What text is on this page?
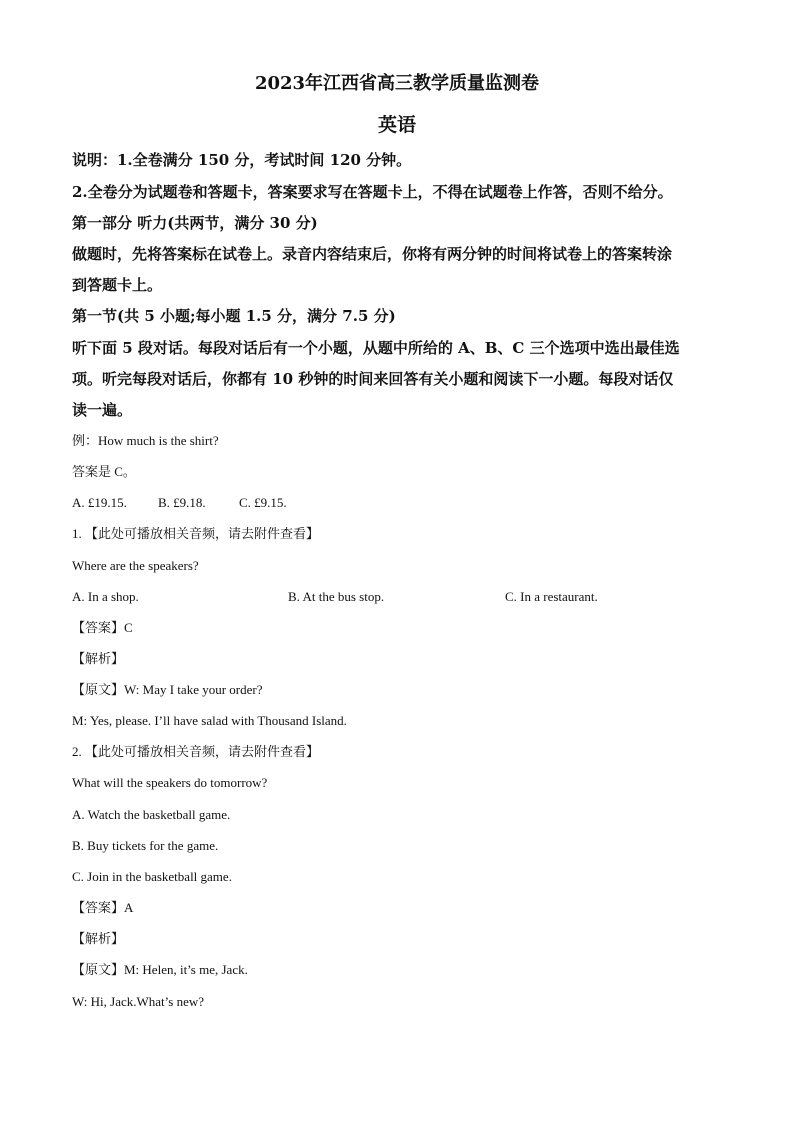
2023年江西省高三教学质量监测卷
英语
说明：1.全卷满分 150 分，考试时间 120 分钟。
2.全卷分为试题卷和答题卡，答案要求写在答题卡上，不得在试题卷上作答，否则不给分。
第一部分 听力(共两节，满分 30 分)
做题时，先将答案标在试卷上。录音内容结束后，你将有两分钟的时间将试卷上的答案转涂
到答题卡上。
第一节(共 5 小题;每小题 1.5 分，满分 7.5 分)
听下面 5 段对话。每段对话后有一个小题，从题中所给的 A、B、C 三个选项中选出最佳选
项。听完每段对话后，你都有 10 秒钟的时间来回答有关小题和阅读下一小题。每段对话仅
读一遍。
例：How much is the shirt?
答案是 C。
A. £19.15. B. £9.18.	C. £9.15.
1. 【此处可播放相关音频，请去附件查看】
Where are the speakers?
A. In a shop.	B. At the bus stop.	C. In a restaurant.
【答案】C
【解析】
【原文】W: May I take your order?
M: Yes, please. I’ll have salad with Thousand Island.
2. 【此处可播放相关音频，请去附件查看】
What will the speakers do tomorrow?
A. Watch the basketball game.
B. Buy tickets for the game.
C. Join in the basketball game.
【答案】A
【解析】
【原文】M: Helen, it’s me, Jack.
W: Hi, Jack.What’s new?
